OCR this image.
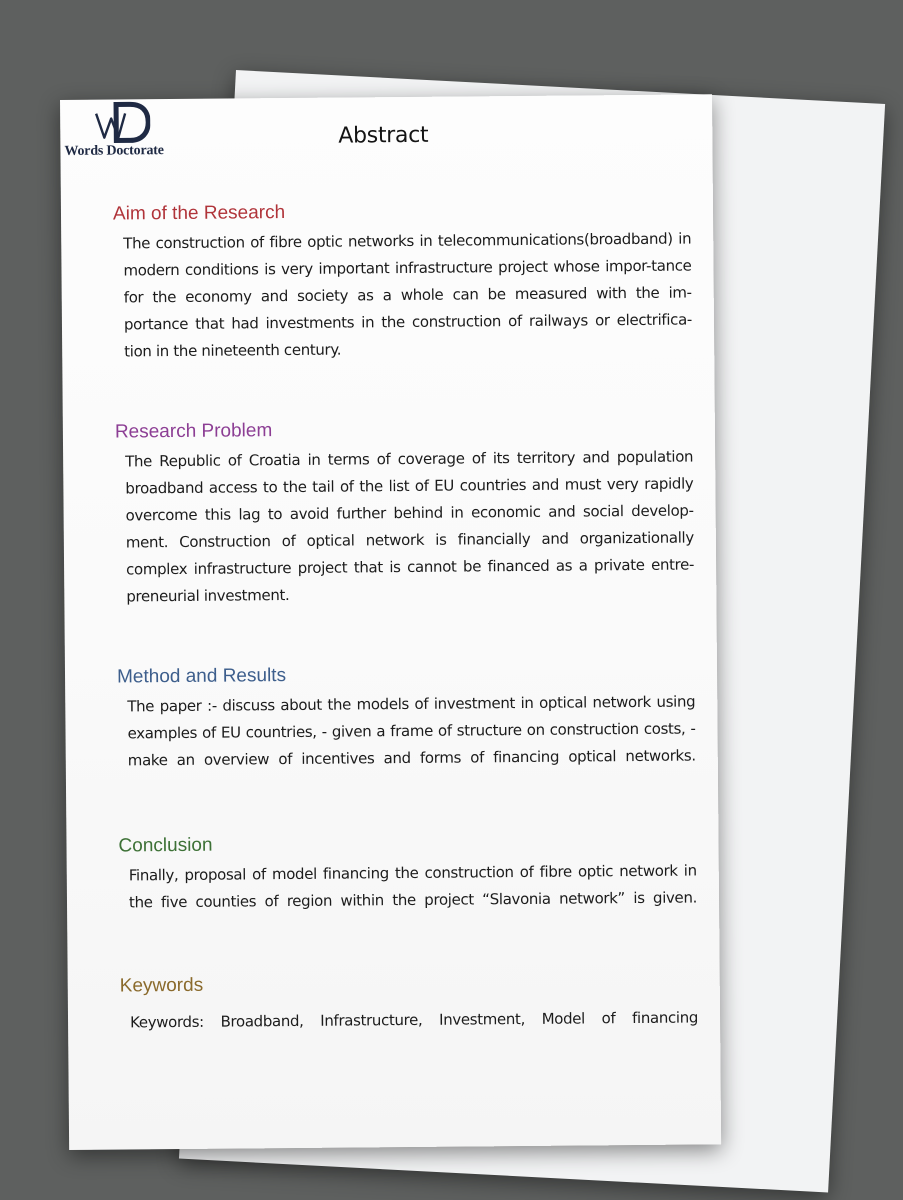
Words Doctorate
Abstract
Aim of the Research

The construction of fibre optic networks in telecommunications(broadband) in modern conditions is very important infrastructure project whose impor-tance for the economy and society as a whole can be measured with the im-portance that had investments in the construction of railways or electrifica-tion in the nineteenth century.

Research Problem

The Republic of Croatia in terms of coverage of its territory and population broadband access to the tail of the list of EU countries and must very rapidly overcome this lag to avoid further behind in economic and social develop-ment. Construction of optical network is financially and organizationally complex infrastructure project that is cannot be financed as a private entre-preneurial investment.

Method and Results

The paper :- discuss about the models of investment in optical network using examples of EU countries, - given a frame of structure on construction costs, - make an overview of incentives and forms of financing optical networks.

Conclusion

Finally, proposal of model financing the construction of fibre optic network in the five counties of region within the project “Slavonia network” is given.

Keywords

Keywords: Broadband, Infrastructure, Investment, Model of financing
